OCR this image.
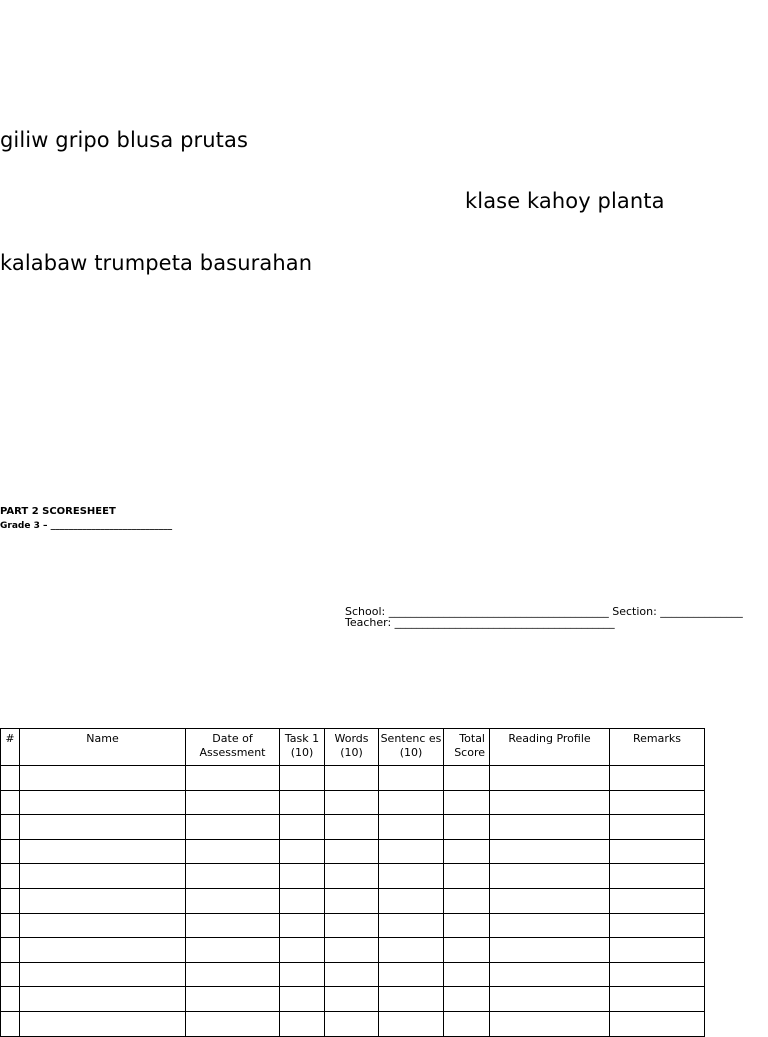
giliw gripo blusa prutas
klase kahoy planta
kalabaw trumpeta basurahan
PART 2 SCORESHEET
Grade 3 – ___________________________
School: ________________________________________ Section: _______________
Teacher: ________________________________________
#	Name	Date of Assessment	Task 1 (10)	Words (10)	Sentenc es (10)	Total Score	Reading Profile	Remarks
